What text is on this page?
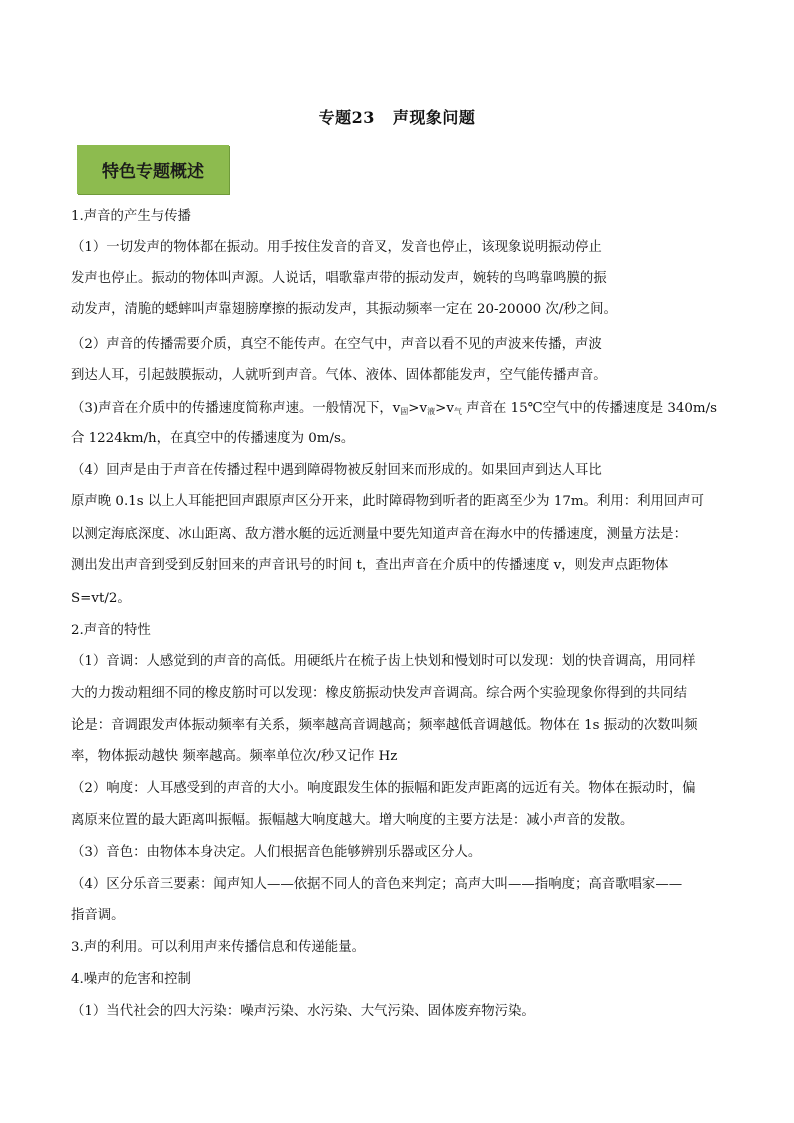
专题23 声现象问题
特色专题概述
1.声音的产生与传播
（1）一切发声的物体都在振动。用手按住发音的音叉，发音也停止，该现象说明振动停止
发声也停止。振动的物体叫声源。人说话，唱歌靠声带的振动发声，婉转的鸟鸣靠鸣膜的振
动发声，清脆的蟋蟀叫声靠翅膀摩擦的振动发声，其振动频率一定在 20-20000 次/秒之间。
（2）声音的传播需要介质，真空不能传声。在空气中，声音以看不见的声波来传播，声波
到达人耳，引起鼓膜振动，人就听到声音。气体、液体、固体都能发声，空气能传播声音。
（3)声音在介质中的传播速度简称声速。一般情况下，$v_固>v_液>v_气$ 声音在 15℃空气中的传播速度是 340m/s
合 1224km/h，在真空中的传播速度为 0m/s。
（4）回声是由于声音在传播过程中遇到障碍物被反射回来而形成的。如果回声到达人耳比
原声晚 0.1s 以上人耳能把回声跟原声区分开来，此时障碍物到听者的距离至少为 17m。利用：利用回声可
以测定海底深度、冰山距离、敌方潜水艇的远近测量中要先知道声音在海水中的传播速度，测量方法是：
测出发出声音到受到反射回来的声音讯号的时间 t，查出声音在介质中的传播速度 v，则发声点距物体
S=vt/2。
2.声音的特性
（1）音调：人感觉到的声音的高低。用硬纸片在梳子齿上快划和慢划时可以发现：划的快音调高，用同样
大的力拨动粗细不同的橡皮筋时可以发现：橡皮筋振动快发声音调高。综合两个实验现象你得到的共同结
论是：音调跟发声体振动频率有关系，频率越高音调越高；频率越低音调越低。物体在 1s 振动的次数叫频
率，物体振动越快 频率越高。频率单位次/秒又记作 Hz
（2）响度：人耳感受到的声音的大小。响度跟发生体的振幅和距发声距离的远近有关。物体在振动时，偏
离原来位置的最大距离叫振幅。振幅越大响度越大。增大响度的主要方法是：减小声音的发散。
（3）音色：由物体本身决定。人们根据音色能够辨别乐器或区分人。
（4）区分乐音三要素：闻声知人——依据不同人的音色来判定；高声大叫——指响度；高音歌唱家——
指音调。
3.声的利用。可以利用声来传播信息和传递能量。
4.噪声的危害和控制
（1）当代社会的四大污染：噪声污染、水污染、大气污染、固体废弃物污染。
